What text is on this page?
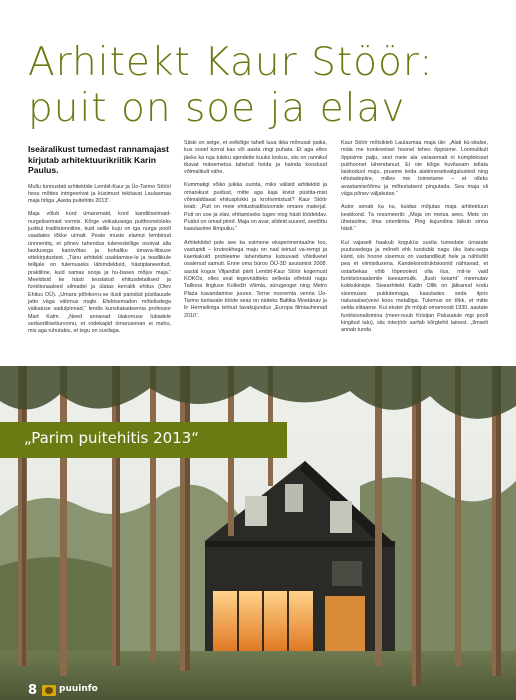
Arhitekt Kaur Stöör: puit on soe ja elav

Iseäralikust tumedast rannamajast kirjutab arhitektuurikriitik Karin Paulus.

Mullu tunnustati arhitektide Lembit-Kaur ja Üo-Tarmo Stööri hess mõttes intrigeerivat ja küsimust tekitavat Laulasmaa maja hitiga „Aasta puitehitis 2013“.

Maja võlub kord ümarsmaid, kord kandiliseimaid-nurgelisemaid vormis. Kõrge veikatuseiga puitfooneloleks justkui traditsionniline, kuid sellle kuju on iga nurga poolt vaadates lõkke uimalt. Peale muste elamut lembinud ünnnentiq, et põnev tahendus tulenestellige osoivat alla laodusega kaosvõtas ja kohaliku ümava-liitsuse ettekirjutustest. „Tänu arhitekti usaldamise-le ja teadlikule tellijale on tulemuseks lähimdelduid, hästiplaneeritud, praktiline, kuid samas sooja ja hu-bases mõjuv maja.“ Meeldisid ke hästi teostatud ehitusdetailised ja funktionaalsed silmadel ja ülatas kerralik ehitus (Olev Ehitus OÜ). „Umara põhikorru-se ilusti paindüd püstlauude jatto väga vähmus majle. Efektsemadon mõtelisdega väikatuse sadulpinnad,“ lendis kunstiakadeemia professor Mart Kalm. „Need annavad ülakorruse tubadele sedaortilisetiurvomu, et rodekapid ümarusenan ei mahu, mis aga ruhutakiu, et tegu on suvilaga.

Siiski on selge, et eelkõige tahetl luua ikka mõnusat paika, kus sooel korral kas või aasta ringi puhata. Et aga elles jäeks ka ruja tuleku ajendeite kuuks lookus, siis on rannikul tkavat mänemetsa tahetud hoida ja hainda koosluud võimalikult vähe.

Kummatigi võiko juikka uurida, miks välisid arhitektid ja omanikust puidust, mitte aga kaja kivist püstita-mist võimalddavat ehitusplokki ja krohvimistust? Kaur Stöör leiab: „Puit on meie ehitustraditsioonide omane materjal. Puit on soe ja elav, ehitamiseks tugev ning hästi töödeldav. Puidul on omad piirid. Maja on avar, sildeid suured, seetõttu kasutasime liimpuiku.“

Arhitektidel pole see ka esimene eksperimentaalne too, vastupidi – kruteskhega maju on nad teinud va-remgi ja kaerkakuid probleeme lahendama kutsuvaid võistluetel osalenud samuti. Enne oma büroo ÖÜ-3D asutamist 2008. aastal kogus Viljandist pärit Lembit-Kaur Stöör kogemust KOKOs, olles seal tegevnäitleks sellesta elfetsid nagu Tallinna lingluse Kolledži võimla, sürugeogei ning Metro Plaza kavandamise juures. Terne nooremta venna Üo-Tarmo tuntavate tööde seas on näiteks Baltika Moetänav ja lir Hermeliniga tehtud tavakujundus „Europa filmiauhinnad 2010“.

Kaur Stöör mõtsikleb Laulasmaa maja üle: „Alati kü-sitalse, mida me konkreetsel hoonel tehes õppisime. Loomulikult õppisime palju, sest meie ala varasemalt ni kompleksset puithoonet lahendanud. Ei ole kõige huvitavam tellata laiskoduol maju, pruame leida alatinnesekvalgalustied ning nihutadepiire, milles me toimetame – et olleks avastamisrõõmu ja mõtestatseni pingutada. Sea maja oli väga põnev väljakutse.“

Autor senab ka nu, kuidas mõjutas maja arhitektuun keskkond. Ta resumeerib: „Maja on metsa sees. Mets on ühetaoline, ilma orientiirita. Ping kujundina läikub sinna hästi.“

Kui vajaselt haakub koguküs suvila tumedate ümarate puutuvedega ja mõnelt ehk tundubki nagu üks katu-sega kärid, siis hoone sisemus on vastandlikult hele ja nählsõilt pea et viimistlusena. Kandekonstruktsioonid nähtavad, et ostarbekas võib töpeoolest olla ilus, mit-te vaid funktsionaalsmile iseeasmulik. „Ilusti keiamt“ meenutav kukkukkvipe. Sisearhitekt Katlin Ollik on jätkanud kodu sisemuses puidutemaga, kasutades seda ilpris naturaalse(veivi koos metalliga. Tulemus on tõkk, et mitte selda elitaarne. Kui ekster jõr mõjub omamoodi 1930. aastate funktsionalismina (meer-nuub Kristjan Palusalule mgi pooll kingitud talu), siis interjöör sarfab kõrgtehti lainest. „Ilmselt annab tunda

„Parim puitehitis 2013“
8 puuinfo
